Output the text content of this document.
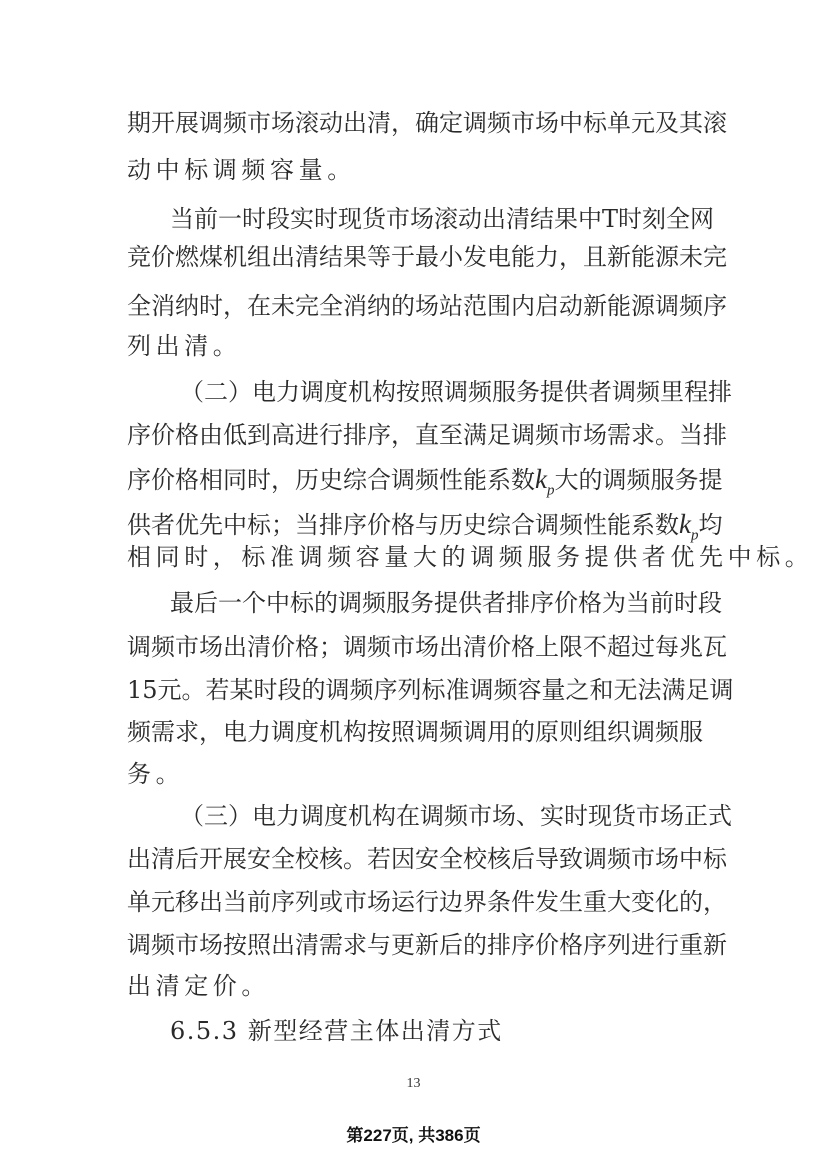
期开展调频市场滚动出清，确定调频市场中标单元及其滚
动中标调频容量。
当前一时段实时现货市场滚动出清结果中T时刻全网
竞价燃煤机组出清结果等于最小发电能力，且新能源未完
全消纳时，在未完全消纳的场站范围内启动新能源调频序
列出清。
（二）电力调度机构按照调频服务提供者调频里程排
序价格由低到高进行排序，直至满足调频市场需求。当排
序价格相同时，历史综合调频性能系数$k_p$大的调频服务提
供者优先中标；当排序价格与历史综合调频性能系数$k_p$均
相同时，标准调频容量大的调频服务提供者优先中标。
最后一个中标的调频服务提供者排序价格为当前时段
调频市场出清价格；调频市场出清价格上限不超过每兆瓦
15元。若某时段的调频序列标准调频容量之和无法满足调
频需求，电力调度机构按照调频调用的原则组织调频服
务。
（三）电力调度机构在调频市场、实时现货市场正式
出清后开展安全校核。若因安全校核后导致调频市场中标
单元移出当前序列或市场运行边界条件发生重大变化的，
调频市场按照出清需求与更新后的排序价格序列进行重新
出清定价。
6.5.3 新型经营主体出清方式
13
第227页, 共386页
